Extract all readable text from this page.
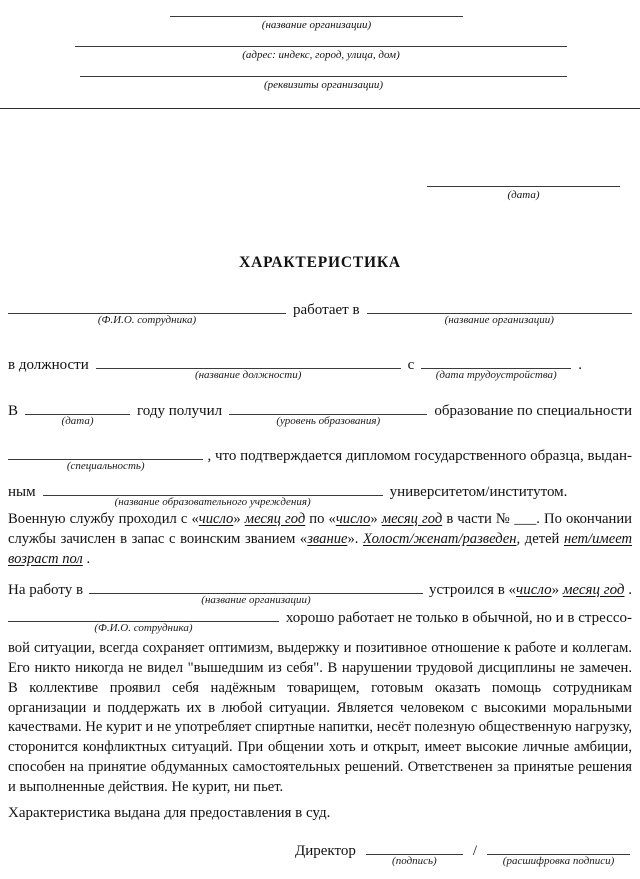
(название организации)
(адрес: индекс, город, улица, дом)
(реквизиты организации)
(дата)
ХАРАКТЕРИСТИКА
(Ф.И.О. сотрудника)
работает в
(название организации)
в должности
(название должности)
с
(дата трудоустройства)
.
В
(дата)
году получил
(уровень образования)
образование по специальности
(специальность)
, что подтверждается дипломом государственного образца, выдан-
ным
(название образовательного учреждения)
университетом/институтом.
Военную службу проходил с «число» месяц год по «число» месяц год в части № ___. По окончании службы зачислен в запас с воинским званием «звание». Холост/женат/разведен, детей нет/имеет возраст пол .
На работу в
(название организации)
устроился в «число» месяц год .
(Ф.И.О. сотрудника)
хорошо работает не только в обычной, но и в стрессо-
вой ситуации, всегда сохраняет оптимизм, выдержку и позитивное отношение к работе и коллегам. Его никто никогда не видел "вышедшим из себя". В нарушении трудовой дисциплины не замечен. В коллективе проявил себя надёжным товарищем, готовым оказать помощь сотрудникам организации и поддержать их в любой ситуации. Является человеком с высокими моральными качествами. Не курит и не употребляет спиртные напитки, несёт полезную общественную нагрузку, сторонится конфликтных ситуаций. При общении хоть и открыт, имеет высокие личные амбиции, способен на принятие обдуманных самостоятельных решений. Ответственен за принятые решения и выполненные действия. Не курит, ни пьет.
Характеристика выдана для предоставления в суд.
Директор
(подпись)
/
(расшифровка подписи)
